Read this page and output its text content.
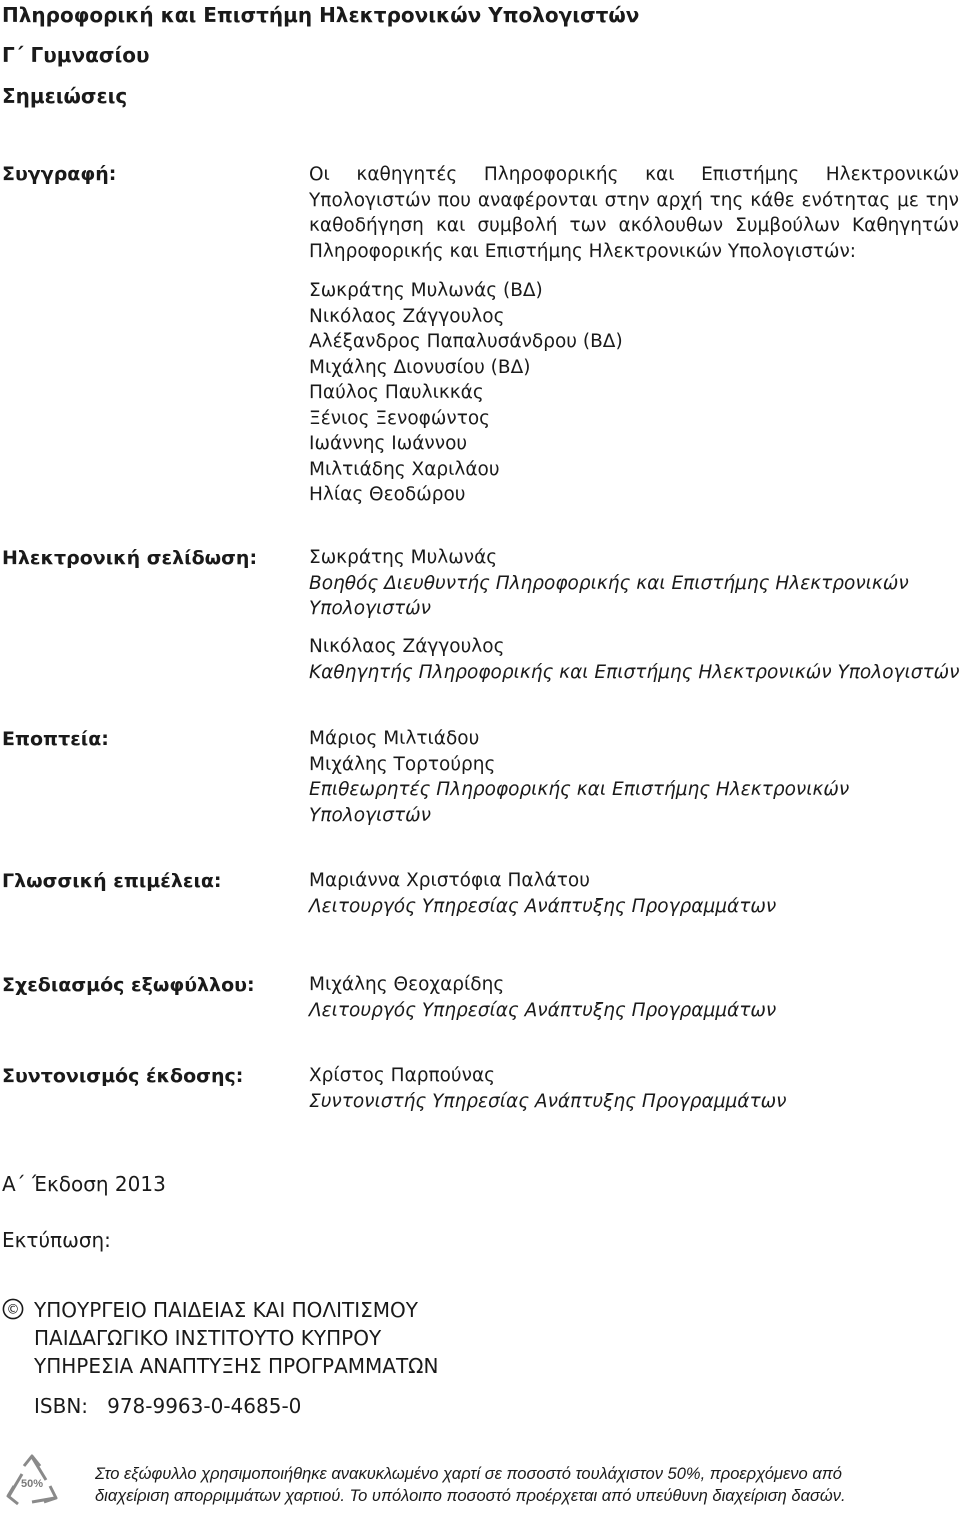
Πληροφορική και Επιστήμη Ηλεκτρονικών Υπολογιστών
Γ΄ Γυμνασίου
Σημειώσεις
Συγγραφή:	Οι καθηγητές Πληροφορικής και Επιστήμης Ηλεκτρονικών
Υπολογιστών που αναφέρονται στην αρχή της κάθε ενότητας με την
καθοδήγηση και συμβολή των ακόλουθων Συμβούλων Καθηγητών
Πληροφορικής και Επιστήμης Ηλεκτρονικών Υπολογιστών:
Σωκράτης Μυλωνάς (ΒΔ)
Νικόλαος Ζάγγουλος
Αλέξανδρος Παπαλυσάνδρου (ΒΔ)
Μιχάλης Διονυσίου (ΒΔ)
Παύλος Παυλικκάς
Ξένιος Ξενοφώντος
Ιωάννης Ιωάννου
Μιλτιάδης Χαριλάου
Ηλίας Θεοδώρου
Ηλεκτρονική σελίδωση:	Σωκράτης Μυλωνάς
Βοηθός Διευθυντής Πληροφορικής και Επιστήμης Ηλεκτρονικών
Υπολογιστών
Νικόλαος Ζάγγουλος
Καθηγητής Πληροφορικής και Επιστήμης Ηλεκτρονικών Υπολογιστών
Εποπτεία:	Μάριος Μιλτιάδου
Μιχάλης Τορτούρης
Επιθεωρητές Πληροφορικής και Επιστήμης Ηλεκτρονικών
Υπολογιστών
Γλωσσική επιμέλεια:	Μαριάννα Χριστόφια Παλάτου
Λειτουργός Υπηρεσίας Ανάπτυξης Προγραμμάτων
Σχεδιασμός εξωφύλλου:	Μιχάλης Θεοχαρίδης
Λειτουργός Υπηρεσίας Ανάπτυξης Προγραμμάτων
Συντονισμός έκδοσης:	Χρίστος Παρπούνας
Συντονιστής Υπηρεσίας Ανάπτυξης Προγραμμάτων
Α΄ Έκδοση 2013
Εκτύπωση:
© ΥΠΟΥΡΓΕΙΟ ΠΑΙΔΕΙΑΣ ΚΑΙ ΠΟΛΙΤΙΣΜΟΥ
ΠΑΙΔΑΓΩΓΙΚΟ ΙΝΣΤΙΤΟΥΤΟ ΚΥΠΡΟΥ
ΥΠΗΡΕΣΙΑ ΑΝΑΠΤΥΞΗΣ ΠΡΟΓΡΑΜΜΑΤΩΝ
ISBN: 978-9963-0-4685-0
50%
Στο εξώφυλλο χρησιμοποιήθηκε ανακυκλωμένο χαρτί σε ποσοστό τουλάχιστον 50%, προερχόμενο από
διαχείριση απορριμμάτων χαρτιού. Το υπόλοιπο ποσοστό προέρχεται από υπεύθυνη διαχείριση δασών.
